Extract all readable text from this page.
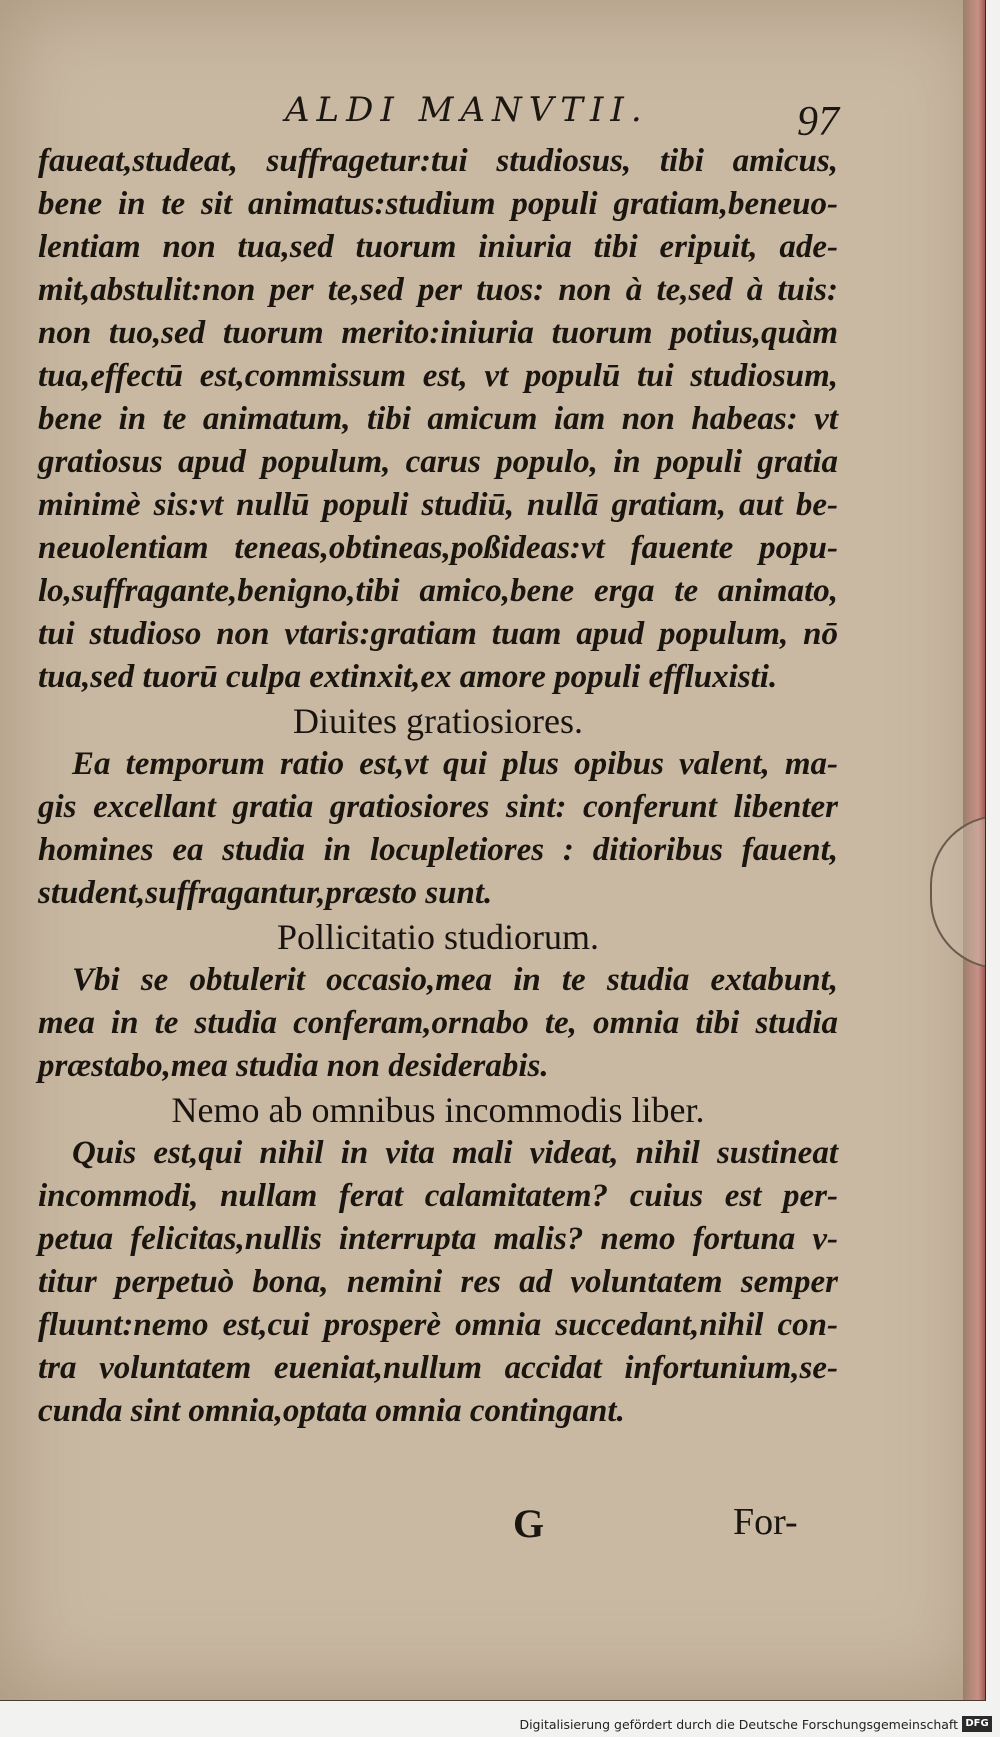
ALDI MANVTII.	97
faueat,studeat, suffragetur:tui studiosus, tibi amicus,
bene in te sit animatus:studium populi gratiam,beneuo-
lentiam non tua,sed tuorum iniuria tibi eripuit, ade-
mit,abstulit:non per te,sed per tuos: non à te,sed à tuis:
non tuo,sed tuorum merito:iniuria tuorum potius,quàm
tua,effectū est,commissum est, vt populū tui studiosum,
bene in te animatum, tibi amicum iam non habeas: vt
gratiosus apud populum, carus populo, in populi gratia
minimè sis:vt nullū populi studiū, nullā gratiam, aut be-
neuolentiam teneas,obtineas,poßideas:vt fauente popu-
lo,suffragante,benigno,tibi amico,bene erga te animato,
tui studioso non vtaris:gratiam tuam apud populum, nō
tua,sed tuorū culpa extinxit,ex amore populi effluxisti.
Diuites gratiosiores.
Ea temporum ratio est,vt qui plus opibus valent, ma-
gis excellant gratia gratiosiores sint: conferunt libenter
homines ea studia in locupletiores : ditioribus fauent,
student,suffragantur,præsto sunt.
Pollicitatio studiorum.
Vbi se obtulerit occasio,mea in te studia extabunt,
mea in te studia conferam,ornabo te, omnia tibi studia
præstabo,mea studia non desiderabis.
Nemo ab omnibus incommodis liber.
Quis est,qui nihil in vita mali videat, nihil sustineat
incommodi, nullam ferat calamitatem? cuius est per-
petua felicitas,nullis interrupta malis? nemo fortuna v-
titur perpetuò bona, nemini res ad voluntatem semper
fluunt:nemo est,cui prosperè omnia succedant,nihil con-
tra voluntatem eueniat,nullum accidat infortunium,se-
cunda sint omnia,optata omnia contingant.
G	For-
Digitalisierung gefördert durch die Deutsche Forschungsgemeinschaft DFG
